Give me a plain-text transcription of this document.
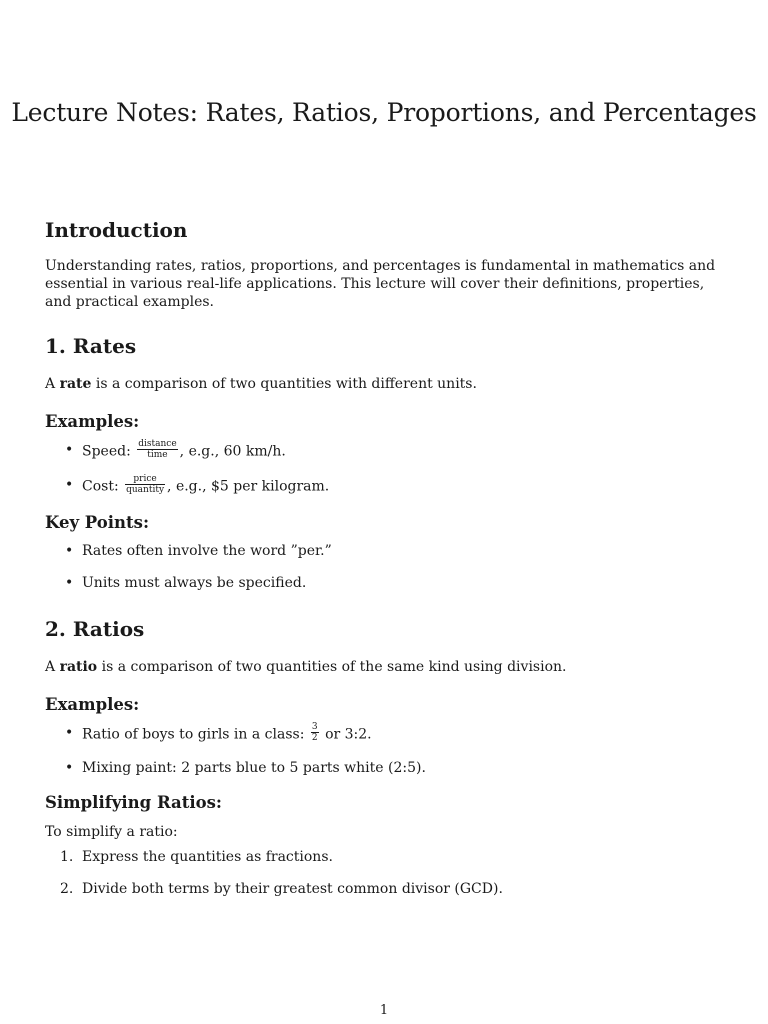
Lecture Notes: Rates, Ratios, Proportions, and Percentages
Introduction

Understanding rates, ratios, proportions, and percentages is fundamental in mathematics and essential in various real-life applications. This lecture will cover their definitions, properties, and practical examples.

1. Rates

A rate is a comparison of two quantities with different units.

Examples:
• Speed: $\frac{\text{distance}}{\text{time}}$ , e.g., 60 km/h.
• Cost: $\frac{\text{price}}{\text{quantity}}$ , e.g., $5 per kilogram.
Key Points:
• Rates often involve the word ”per.”
• Units must always be specified.
2. Ratios

A ratio is a comparison of two quantities of the same kind using division.

Examples:
• Ratio of boys to girls in a class: $\frac{3}{2}$ or 3:2.
• Mixing paint: 2 parts blue to 5 parts white (2:5).
Simplifying Ratios:

To simplify a ratio:

1. Express the quantities as fractions.
2. Divide both terms by their greatest common divisor (GCD).
1
